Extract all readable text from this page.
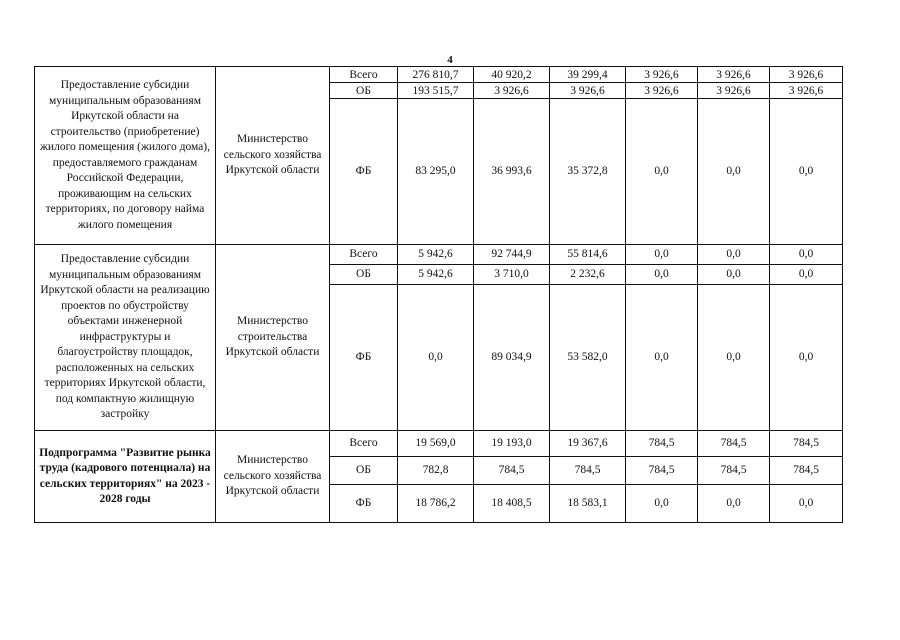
4
Предоставление субсидии муниципальным образованиям Иркутской области на строительство (приобретение) жилого помещения (жилого дома), предоставляемого гражданам Российской Федерации, проживающим на сельских территориях, по договору найма жилого помещения	Министерство сельского хозяйства Иркутской области	Всего	276 810,7	40 920,2	39 299,4	3 926,6	3 926,6	3 926,6
		ОБ	193 515,7	3 926,6	3 926,6	3 926,6	3 926,6	3 926,6
		ФБ	83 295,0	36 993,6	35 372,8	0,0	0,0	0,0
Предоставление субсидии муниципальным образованиям Иркутской области на реализацию проектов по обустройству объектами инженерной инфраструктуры и благоустройству площадок, расположенных на сельских территориях Иркутской области, под компактную жилищную застройку	Министерство строительства Иркутской области	Всего	5 942,6	92 744,9	55 814,6	0,0	0,0	0,0
		ОБ	5 942,6	3 710,0	2 232,6	0,0	0,0	0,0
		ФБ	0,0	89 034,9	53 582,0	0,0	0,0	0,0
Подпрограмма "Развитие рынка труда (кадрового потенциала) на сельских территориях" на 2023 - 2028 годы	Министерство сельского хозяйства Иркутской области	Всего	19 569,0	19 193,0	19 367,6	784,5	784,5	784,5
		ОБ	782,8	784,5	784,5	784,5	784,5	784,5
		ФБ	18 786,2	18 408,5	18 583,1	0,0	0,0	0,0
